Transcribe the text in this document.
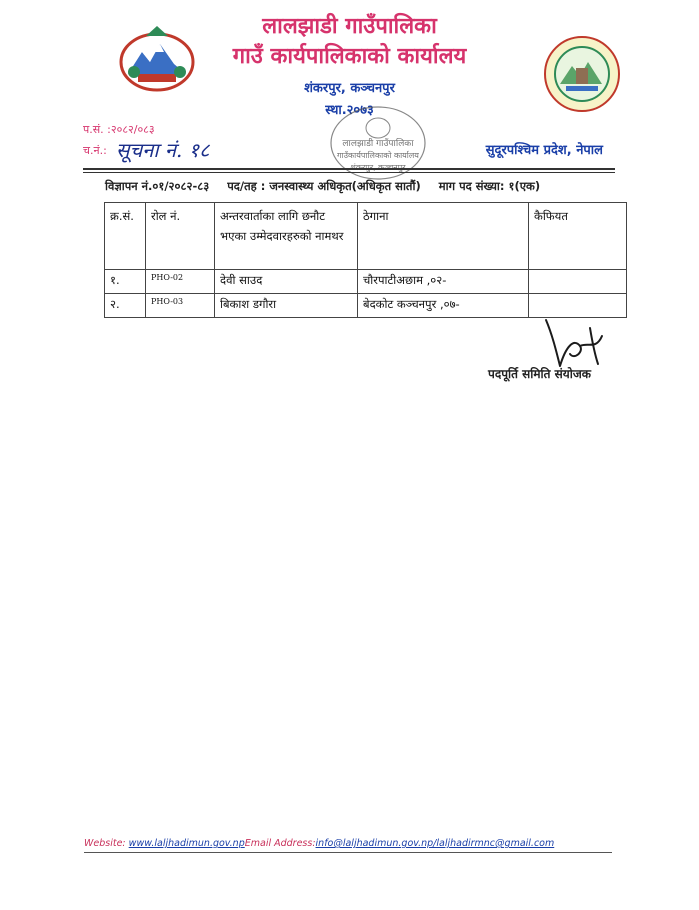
लालझाडी गाउँपालिका
गाउँ कार्यपालिकाको कार्यालय
शंकरपुर, कञ्चनपुर
स्था.२०७३
प.सं. :२०८२/०८३
च.नं.: सूचना नं. १८	लालझाडी गाउँपालिका
गाउँकार्यपालिकाको कार्यालय	सुदूरपश्चिम प्रदेश, नेपाल
विज्ञापन नं.०१/२०८२-८३ पद/तह : जनस्वास्थ्य अधिकृत(अधिकृत सातौं) माग पद संख्या: १(एक)
क्र.सं.	रोल नं.	अन्तरवार्ताका लागि छनौट भएका उम्मेदवारहरुको नामथर	ठेगाना	कैफियत
१.	PHO-02	देवी साउद	चौरपाटीअछाम ,०२-	
२.	PHO-03	बिकाश डगौरा	बेदकोट कञ्चनपुर ,०७-	
पदपूर्ति समिति संयोजक
Website: www.laljhadimun.gov.npEmail Address:info@laljhadimun.gov.np/laljhadirmnc@gmail.com
